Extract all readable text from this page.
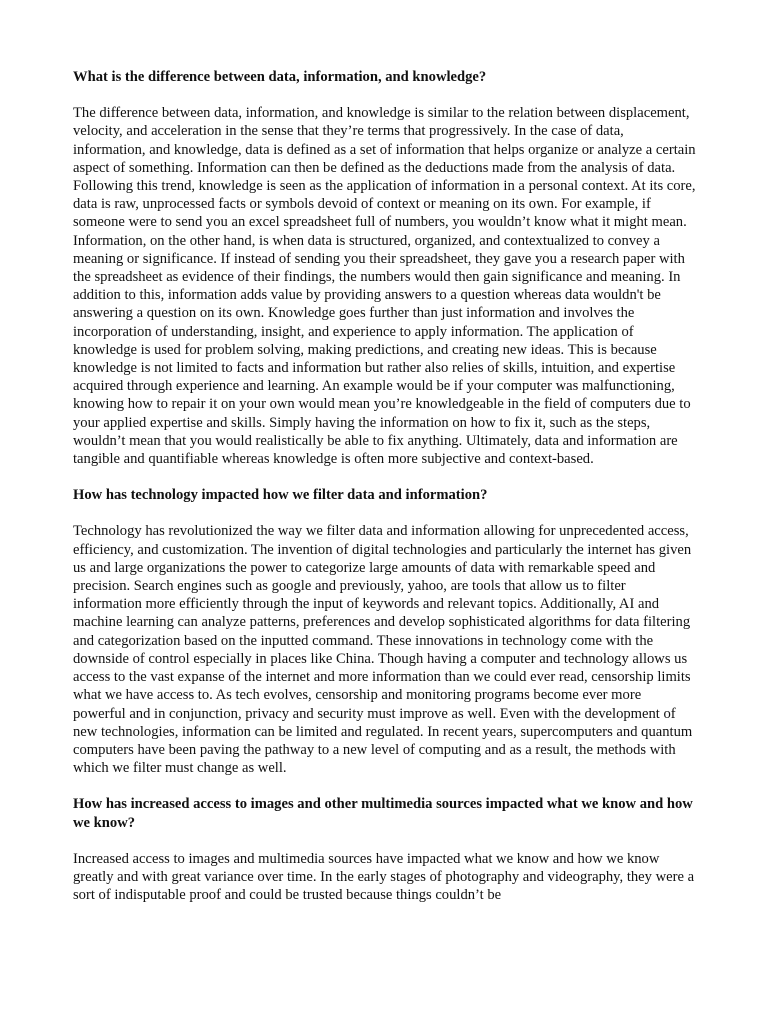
What is the difference between data, information, and knowledge?
The difference between data, information, and knowledge is similar to the relation between displacement, velocity, and acceleration in the sense that they’re terms that progressively. In the case of data, information, and knowledge, data is defined as a set of information that helps organize or analyze a certain aspect of something. Information can then be defined as the deductions made from the analysis of data. Following this trend, knowledge is seen as the application of information in a personal context. At its core, data is raw, unprocessed facts or symbols devoid of context or meaning on its own. For example, if someone were to send you an excel spreadsheet full of numbers, you wouldn’t know what it might mean. Information, on the other hand, is when data is structured, organized, and contextualized to convey a meaning or significance. If instead of sending you their spreadsheet, they gave you a research paper with the spreadsheet as evidence of their findings, the numbers would then gain significance and meaning. In addition to this, information adds value by providing answers to a question whereas data wouldn't be answering a question on its own. Knowledge goes further than just information and involves the incorporation of understanding, insight, and experience to apply information. The application of knowledge is used for problem solving, making predictions, and creating new ideas. This is because knowledge is not limited to facts and information but rather also relies of skills, intuition, and expertise acquired through experience and learning. An example would be if your computer was malfunctioning, knowing how to repair it on your own would mean you’re knowledgeable in the field of computers due to your applied expertise and skills. Simply having the information on how to fix it, such as the steps, wouldn’t mean that you would realistically be able to fix anything. Ultimately, data and information are tangible and quantifiable whereas knowledge is often more subjective and context-based.
How has technology impacted how we filter data and information?
Technology has revolutionized the way we filter data and information allowing for unprecedented access, efficiency, and customization. The invention of digital technologies and particularly the internet has given us and large organizations the power to categorize large amounts of data with remarkable speed and precision. Search engines such as google and previously, yahoo, are tools that allow us to filter information more efficiently through the input of keywords and relevant topics. Additionally, AI and machine learning can analyze patterns, preferences and develop sophisticated algorithms for data filtering and categorization based on the inputted command. These innovations in technology come with the downside of control especially in places like China. Though having a computer and technology allows us access to the vast expanse of the internet and more information than we could ever read, censorship limits what we have access to. As tech evolves, censorship and monitoring programs become ever more powerful and in conjunction, privacy and security must improve as well. Even with the development of new technologies, information can be limited and regulated. In recent years, supercomputers and quantum computers have been paving the pathway to a new level of computing and as a result, the methods with which we filter must change as well.
How has increased access to images and other multimedia sources impacted what we know and how we know?
Increased access to images and multimedia sources have impacted what we know and how we know greatly and with great variance over time. In the early stages of photography and videography, they were a sort of indisputable proof and could be trusted because things couldn’t be
